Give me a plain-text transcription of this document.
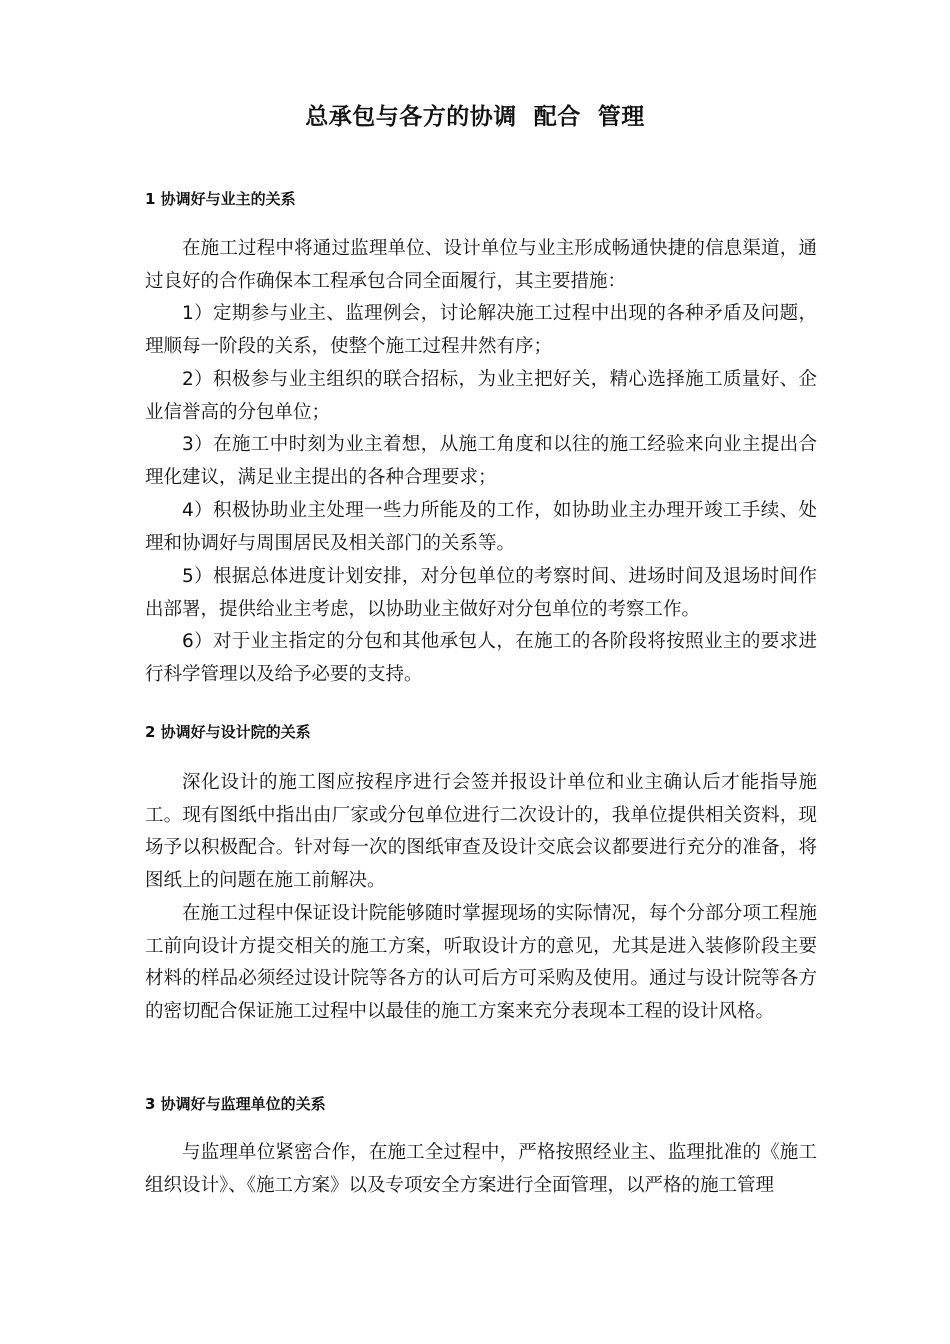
总承包与各方的协调  配合  管理
1 协调好与业主的关系

在施工过程中将通过监理单位、设计单位与业主形成畅通快捷的信息渠道，通过良好的合作确保本工程承包合同全面履行，其主要措施：

1）定期参与业主、监理例会，讨论解决施工过程中出现的各种矛盾及问题，理顺每一阶段的关系，使整个施工过程井然有序；

2）积极参与业主组织的联合招标，为业主把好关，精心选择施工质量好、企业信誉高的分包单位；

3）在施工中时刻为业主着想，从施工角度和以往的施工经验来向业主提出合理化建议，满足业主提出的各种合理要求；

4）积极协助业主处理一些力所能及的工作，如协助业主办理开竣工手续、处理和协调好与周围居民及相关部门的关系等。

5）根据总体进度计划安排，对分包单位的考察时间、进场时间及退场时间作出部署，提供给业主考虑，以协助业主做好对分包单位的考察工作。

6）对于业主指定的分包和其他承包人，在施工的各阶段将按照业主的要求进行科学管理以及给予必要的支持。

2 协调好与设计院的关系

深化设计的施工图应按程序进行会签并报设计单位和业主确认后才能指导施工。现有图纸中指出由厂家或分包单位进行二次设计的，我单位提供相关资料，现场予以积极配合。针对每一次的图纸审查及设计交底会议都要进行充分的准备，将图纸上的问题在施工前解决。

在施工过程中保证设计院能够随时掌握现场的实际情况，每个分部分项工程施工前向设计方提交相关的施工方案，听取设计方的意见，尤其是进入装修阶段主要材料的样品必须经过设计院等各方的认可后方可采购及使用。通过与设计院等各方的密切配合保证施工过程中以最佳的施工方案来充分表现本工程的设计风格。

3 协调好与监理单位的关系

与监理单位紧密合作，在施工全过程中，严格按照经业主、监理批准的《施工组织设计》、《施工方案》以及专项安全方案进行全面管理，以严格的施工管理
